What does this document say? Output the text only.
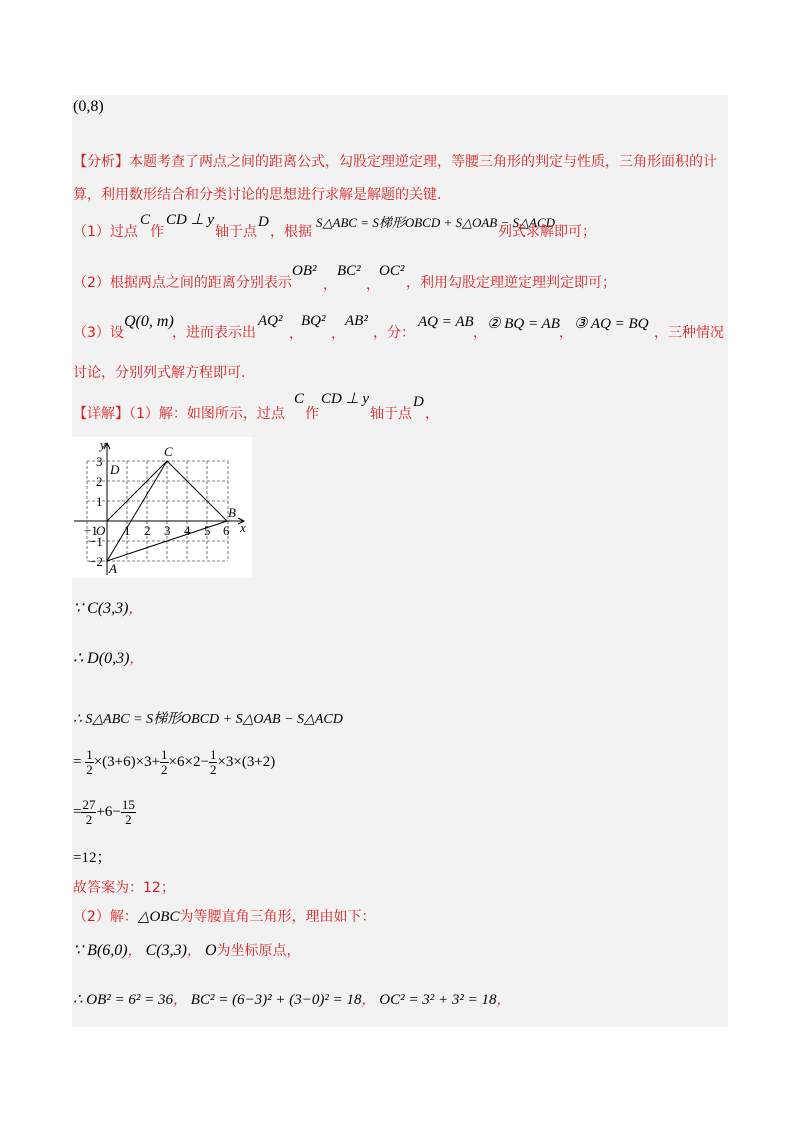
(0,8)
【分析】本题考查了两点之间的距离公式，勾股定理逆定理，等腰三角形的判定与性质，三角形面积的计
算，利用数形结合和分类讨论的思想进行求解是解题的关键.
（1）过点
C
作
CD ⊥ y
轴于点
D
，根据
S△ABC = S梯形OBCD + S△OAB − S△ACD
列式求解即可；
（2）根据两点之间的距离分别表示
OB²
，
BC²
，
OC²
，利用勾股定理逆定理判定即可；
（3）设
Q(0, m)
，进而表示出
AQ²
，
BQ²
，
AB²
，分：
AQ = AB
，
② BQ = AB
，
③ AQ = BQ
，三种情况
讨论，分别列式解方程即可.
【详解】（1）解：如图所示，过点
C
作
CD ⊥ y
轴于点
D
，
y
x
C
D
B
A
O
−1 1 2 3 4 5 6
3
2
1
−1
−2
∵ C(3,3)，
∴ D(0,3)，
∴ S△ABC = S梯形OBCD + S△OAB − S△ACD
= $\frac{1}{2} \times(3+6)\times 3+ \frac{1}{2} \times 6\times 2- \frac{1}{2} \times 3\times(3+2)$
= $\frac{27}{2} +6- \frac{15}{2}$
=12；
故答案为：12；
（2）解：△OBC为等腰直角三角形，理由如下：
∵ B(6,0)， C(3,3)， O为坐标原点，
∴ OB² = 6² = 36， BC² = (6−3)² + (3−0)² = 18， OC² = 3² + 3² = 18，
